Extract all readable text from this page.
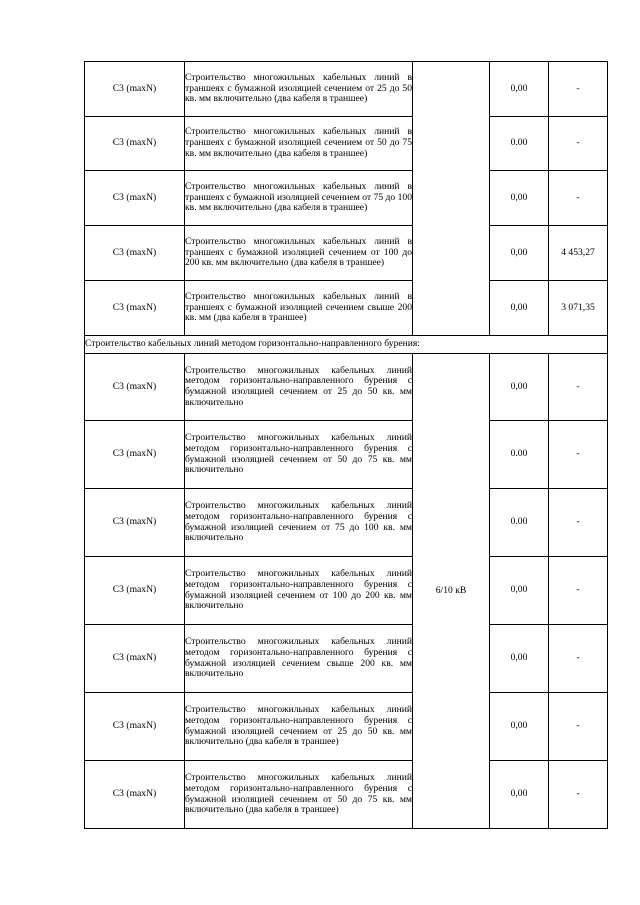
С3 (maxN)	Строительство многожильных кабельных линий в траншеях с бумажной изоляцией сечением от 25 до 50 кв. мм включительно (два кабеля в траншее)		0,00	-
С3 (maxN)	Строительство многожильных кабельных линий в траншеях с бумажной изоляцией сечением от 50 до 75 кв. мм включительно (два кабеля в траншее)		0.00	-
С3 (maxN)	Строительство многожильных кабельных линий в траншеях с бумажной изоляцией сечением от 75 до 100 кв. мм включительно (два кабеля в траншее)		0,00	-
С3 (maxN)	Строительство многожильных кабельных линий в траншеях с бумажной изоляцией сечением от 100 до 200 кв. мм включительно (два кабеля в траншее)		0,00	4 453,27
С3 (maxN)	Строительство многожильных кабельных линий в траншеях с бумажной изоляцией сечением свыше 200 кв. мм (два кабеля в траншее)		0,00	3 071,35
Строительство кабельных линий методом горизонтально-направленного бурения:				
С3 (maxN)	Строительство многожильных кабельных линий методом горизонтально-направленного бурения с бумажной изоляцией сечением от 25 до 50 кв. мм включительно	6/10 кВ	0,00	-
С3 (maxN)	Строительство многожильных кабельных линий методом горизонтально-направленного бурения с бумажной изоляцией сечением от 50 до 75 кв. мм включительно		0.00	-
С3 (maxN)	Строительство многожильных кабельных линий методом горизонтально-направленного бурения с бумажной изоляцией сечением от 75 до 100 кв. мм включительно		0.00	-
С3 (maxN)	Строительство многожильных кабельных линий методом горизонтально-направленного бурения с бумажной изоляцией сечением от 100 до 200 кв. мм включительно		0,00	-
С3 (maxN)	Строительство многожильных кабельных линий методом горизонтально-направленного бурения с бумажной изоляцией сечением свыше 200 кв. мм включительно		0,00	-
С3 (maxN)	Строительство многожильных кабельных линий методом горизонтально-направленного бурения с бумажной изоляцией сечением от 25 до 50 кв. мм включительно (два кабеля в траншее)		0,00	-
С3 (maxN)	Строительство многожильных кабельных линий методом горизонтально-направленного бурения с бумажной изоляцией сечением от 50 до 75 кв. мм включительно (два кабеля в траншее)		0,00	-
